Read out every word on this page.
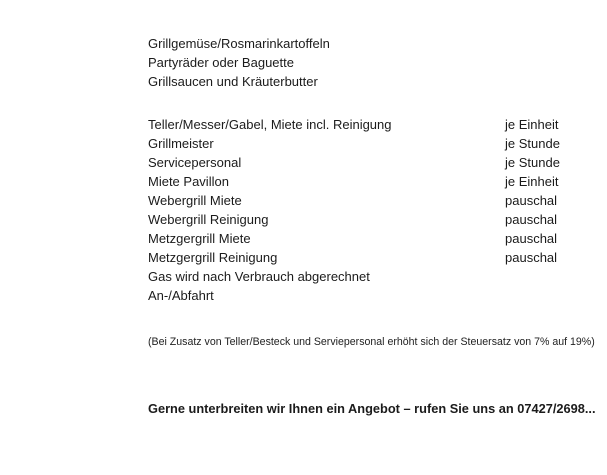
Grillgemüse/Rosmarinkartoffeln
Partyräder oder Baguette
Grillsaucen und Kräuterbutter
Teller/Messer/Gabel, Miete incl. Reinigung	je Einheit
Grillmeister	je Stunde
Servicepersonal	je Stunde
Miete Pavillon	je Einheit
Webergrill Miete	pauschal
Webergrill Reinigung	pauschal
Metzgergrill Miete	pauschal
Metzgergrill Reinigung	pauschal
Gas wird nach Verbrauch abgerechnet
An-/Abfahrt
(Bei Zusatz von Teller/Besteck und Serviepersonal erhöht sich der Steuersatz von 7% auf 19%)
Gerne unterbreiten wir Ihnen ein Angebot – rufen Sie uns an 07427/2698...
